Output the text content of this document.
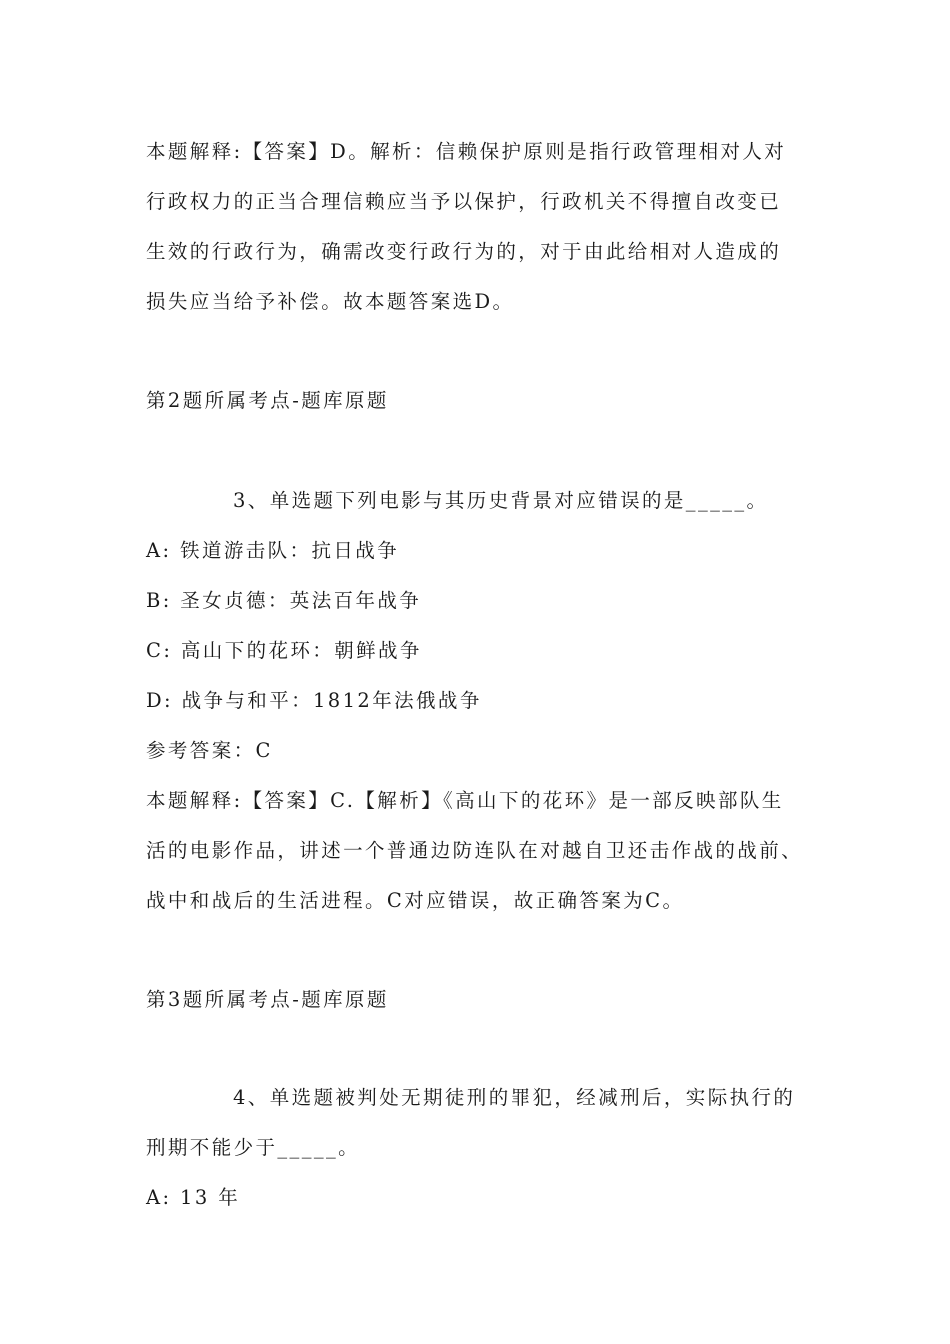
本题解释:【答案】D。解析：信赖保护原则是指行政管理相对人对
行政权力的正当合理信赖应当予以保护，行政机关不得擅自改变已
生效的行政行为，确需改变行政行为的，对于由此给相对人造成的
损失应当给予补偿。故本题答案选D。
第2题所属考点-题库原题
3、单选题下列电影与其历史背景对应错误的是_____。
A: 铁道游击队：抗日战争
B: 圣女贞德：英法百年战争
C: 高山下的花环：朝鲜战争
D: 战争与和平：1812年法俄战争
参考答案：C
本题解释:【答案】C.【解析】《高山下的花环》是一部反映部队生
活的电影作品，讲述一个普通边防连队在对越自卫还击作战的战前、
战中和战后的生活进程。C对应错误，故正确答案为C。
第3题所属考点-题库原题
4、单选题被判处无期徒刑的罪犯，经减刑后，实际执行的
刑期不能少于_____。
A: 13 年
